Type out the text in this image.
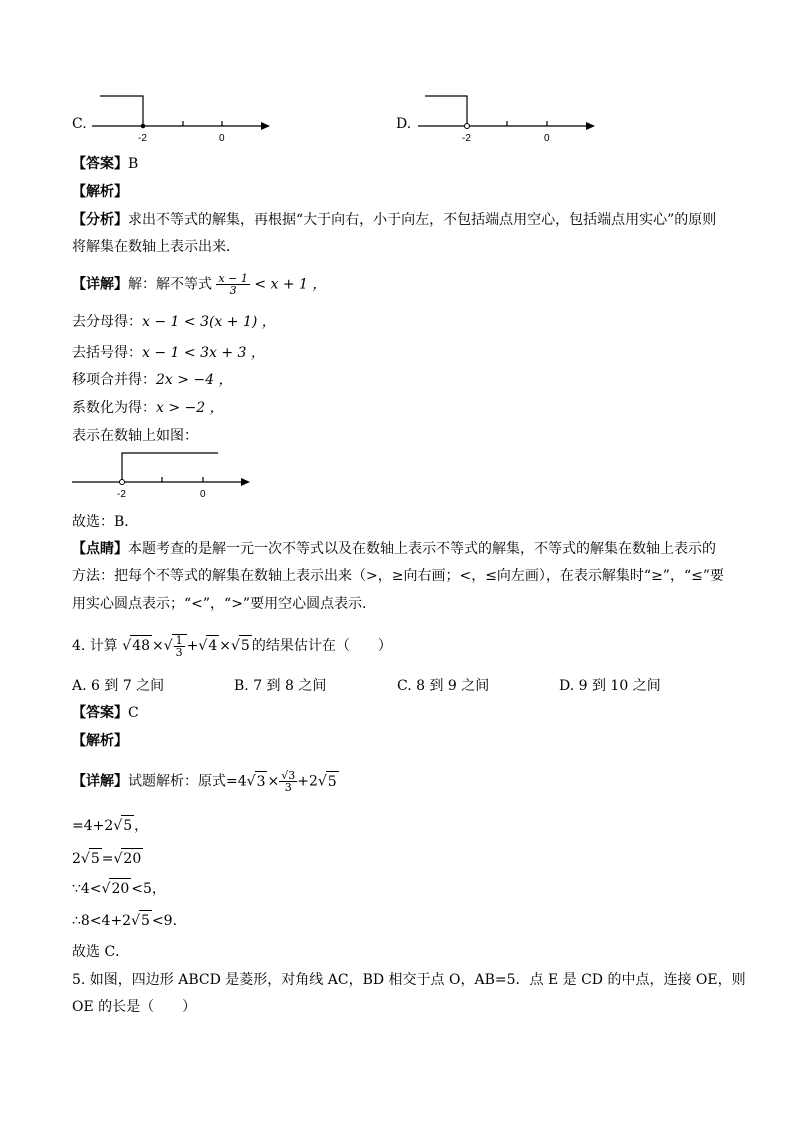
C.
-2	0
D.
-2	0
【答案】B
【解析】
【分析】求出不等式的解集，再根据“大于向右，小于向左，不包括端点用空心，包括端点用实心”的原则
将解集在数轴上表示出来．
【详解】解：解不等式 $\frac{x - 1}{3} < x + 1$ ，
去分母得：x − 1 < 3(x + 1) ，
去括号得：x − 1 < 3x + 3 ，
移项合并得：2x > −4 ，
系数化为得：x > −2 ，
表示在数轴上如图：
-2	0
故选：B．
【点睛】本题考查的是解一元一次不等式以及在数轴上表示不等式的解集，不等式的解集在数轴上表示的
方法：把每个不等式的解集在数轴上表示出来（>，≥向右画；<，≤向左画），在表示解集时“≥”，“≤”要
用实心圆点表示；“<”，“>”要用空心圆点表示．
4. 计算 √48 ×√ $\frac{1}{3} +√4 \times√5$ 的结果估计在（　　）
A. 6 到 7 之间	B. 7 到 8 之间	C. 8 到 9 之间	D. 9 到 10 之间
【答案】C
【解析】
【详解】试题解析：原式$=4√3 \times \frac{√3}{3} +2√5$
=4+2√5 ，
2√5 =√20
∵4<√20 <5，
∴8<4+2√5 <9．
故选 C．
5. 如图，四边形 ABCD 是菱形，对角线 AC，BD 相交于点 O，AB=5．点 E 是 CD 的中点，连接 OE，则
OE 的长是（　　）
